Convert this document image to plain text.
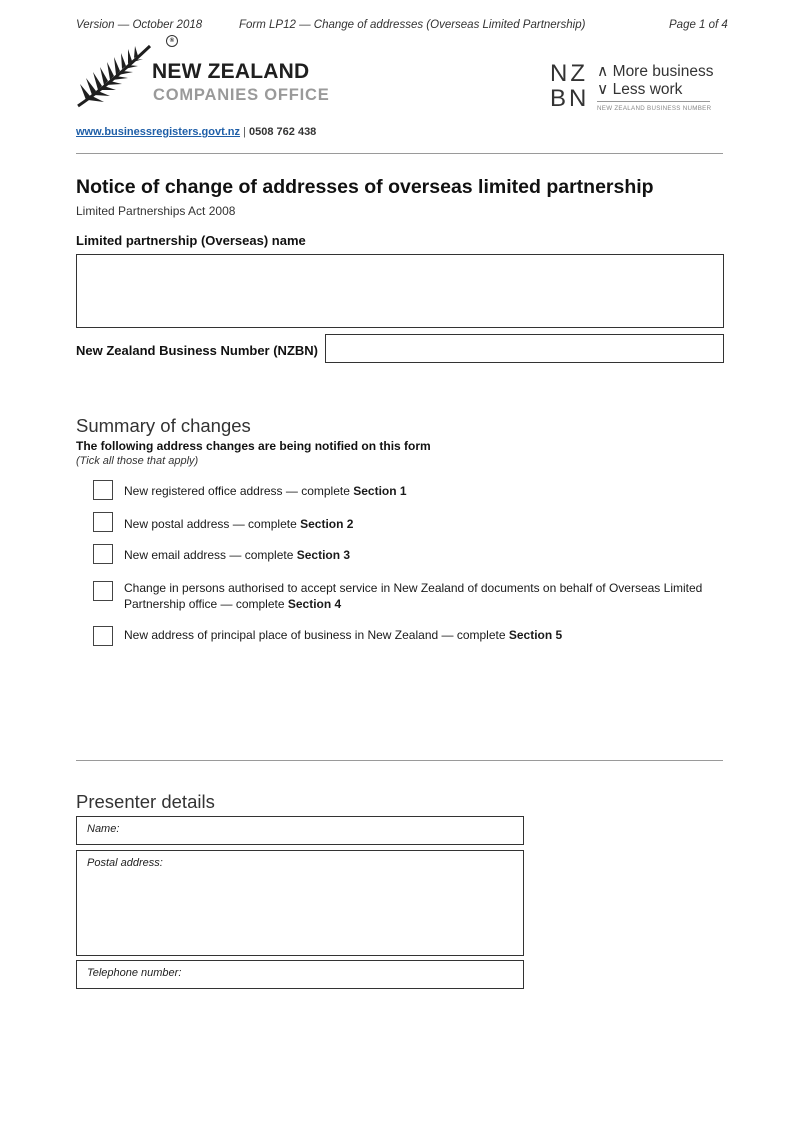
Version — October 2018	Form LP12 — Change of addresses (Overseas Limited Partnership)	Page 1 of 4
®
NEW ZEALAND
COMPANIES OFFICE
NZ
BN
∧ More business
∨ Less work
NEW ZEALAND BUSINESS NUMBER
www.businessregisters.govt.nz | 0508 762 438
Notice of change of addresses of overseas limited partnership
Limited Partnerships Act 2008
Limited partnership (Overseas) name
New Zealand Business Number (NZBN)
Summary of changes
The following address changes are being notified on this form
(Tick all those that apply)
New registered office address — complete Section 1
New postal address — complete Section 2
New email address — complete Section 3
Change in persons authorised to accept service in New Zealand of documents on behalf of Overseas Limited Partnership office — complete Section 4
New address of principal place of business in New Zealand — complete Section 5
Presenter details
Name:
Postal address:
Telephone number:
